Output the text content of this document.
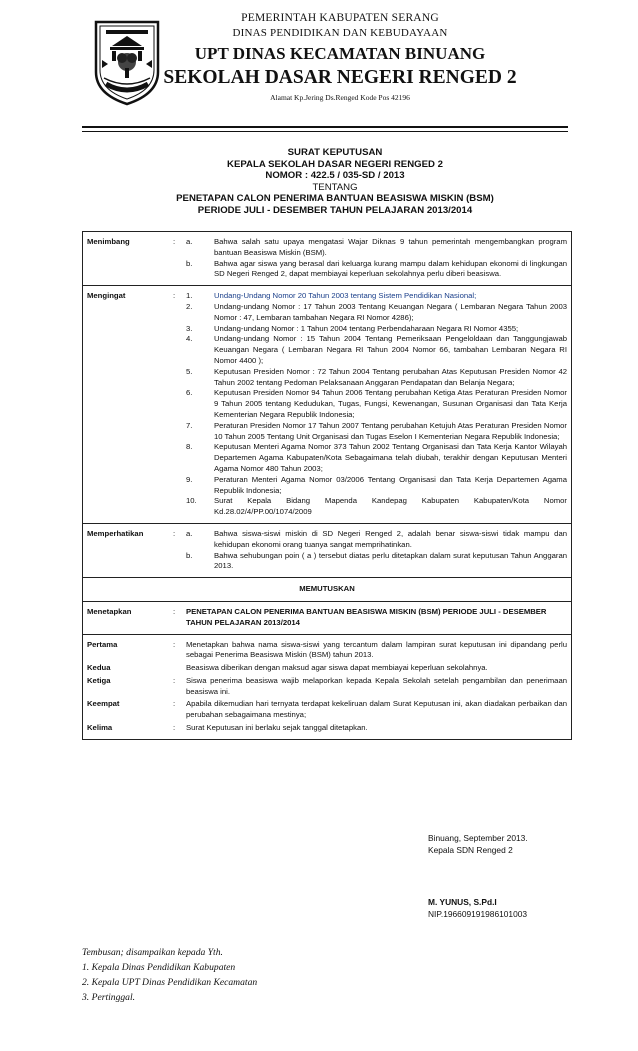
PEMERINTAH KABUPATEN SERANG
DINAS PENDIDIKAN DAN KEBUDAYAAN
UPT DINAS KECAMATAN BINUANG
SEKOLAH DASAR NEGERI RENGED 2
Alamat Kp.Jering Ds.Renged Kode Pos 42196
SURAT KEPUTUSAN
KEPALA SEKOLAH DASAR NEGERI RENGED 2
NOMOR : 422.5 / 035-SD / 2013
TENTANG
PENETAPAN CALON PENERIMA BANTUAN BEASISWA MISKIN (BSM)
PERIODE JULI - DESEMBER TAHUN PELAJARAN 2013/2014
Menimbang	:	a.	Bahwa salah satu upaya mengatasi Wajar Diknas 9 tahun pemerintah mengembangkan program bantuan Beasiswa Miskin (BSM).
b.	Bahwa agar siswa yang berasal dari keluarga kurang mampu dalam kehidupan ekonomi di lingkungan SD Negeri Renged 2, dapat membiayai keperluan sekolahnya perlu diberi beasiswa.
Mengingat	:	1.	Undang-Undang Nomor 20 Tahun 2003 tentang Sistem Pendidikan Nasional;
2.	Undang-undang Nomor : 17 Tahun 2003 Tentang Keuangan Negara ( Lembaran Negara Tahun 2003 Nomor : 47, Lembaran tambahan Negara RI Nomor 4286);
3.	Undang-undang Nomor : 1 Tahun 2004 tentang Perbendaharaan Negara RI Nomor 4355;
4.	Undang-undang Nomor : 15 Tahun 2004 Tentang Pemeriksaan Pengeloldaan dan Tanggungjawab Keuangan Negara ( Lembaran Negara RI Tahun 2004 Nomor 66, tambahan Lembaran Negara RI Nomor 4400 );
5.	Keputusan Presiden Nomor : 72 Tahun 2004 Tentang perubahan Atas Keputusan Presiden Nomor 42 Tahun 2002 tentang Pedoman Pelaksanaan Anggaran Pendapatan dan Belanja Negara;
6.	Keputusan Presiden Nomor 94 Tahun 2006 Tentang perubahan Ketiga Atas Peraturan Presiden Nomor 9 Tahun 2005 tentang Kedudukan, Tugas, Fungsi, Kewenangan, Susunan Organisasi dan Tata Kerja Kementerian Negara Republik Indonesia;
7.	Peraturan Presiden Nomor 17 Tahun 2007 Tentang perubahan Ketujuh Atas Peraturan Presiden Nomor 10 Tahun 2005 Tentang Unit Organisasi dan Tugas Eselon I Kementerian Negara Republik Indonesia;
8.	Keputusan Menteri Agama Nomor 373 Tahun 2002 Tentang Organisasi dan Tata Kerja Kantor Wilayah Departemen Agama Kabupaten/Kota Sebagaimana telah diubah, terakhir dengan Keputusan Menteri Agama Nomor 480 Tahun 2003;
9.	Peraturan Menteri Agama Nomor 03/2006 Tentang Organisasi dan Tata Kerja Departemen Agama Republik Indonesia;
10.	Surat Kepala Bidang Mapenda Kandepag Kabupaten Kabupaten/Kota Nomor Kd.28.02/4/PP.00/1074/2009
Memperhatikan	:	a.	Bahwa siswa-siswi miskin di SD Negeri Renged 2, adalah benar siswa-siswi tidak mampu dan kehidupan ekonomi orang tuanya sangat memprihatinkan.
b.	Bahwa sehubungan poin ( a ) tersebut diatas perlu ditetapkan dalam surat keputusan Tahun Anggaran 2013.
MEMUTUSKAN
Menetapkan	:	PENETAPAN CALON PENERIMA BANTUAN BEASISWA MISKIN (BSM) PERIODE JULI - DESEMBER TAHUN PELAJARAN 2013/2014
Pertama	:	Menetapkan bahwa nama siswa-siswi yang tercantum dalam lampiran surat keputusan ini dipandang perlu sebagai Penerima Beasiswa Miskin (BSM) tahun 2013.
Kedua	Beasiswa diberikan dengan maksud agar siswa dapat membiayai keperluan sekolahnya.
Ketiga	:	Siswa penerima beasiswa wajib melaporkan kepada Kepala Sekolah setelah pengambilan dan penerimaan beasiswa ini.
Keempat	:	Apabila dikemudian hari ternyata terdapat kekeliruan dalam Surat Keputusan ini, akan diadakan perbaikan dan perubahan sebagaimana mestinya;
Kelima	:	Surat Keputusan ini berlaku sejak tanggal ditetapkan.
Binuang, September 2013.
Kepala SDN Renged 2
M. YUNUS, S.Pd.I
NIP.196609191986101003
Tembusan; disampaikan kepada Yth.
1. Kepala Dinas Pendidikan Kabupaten
2. Kepala UPT Dinas Pendidikan Kecamatan
3. Pertinggal.
